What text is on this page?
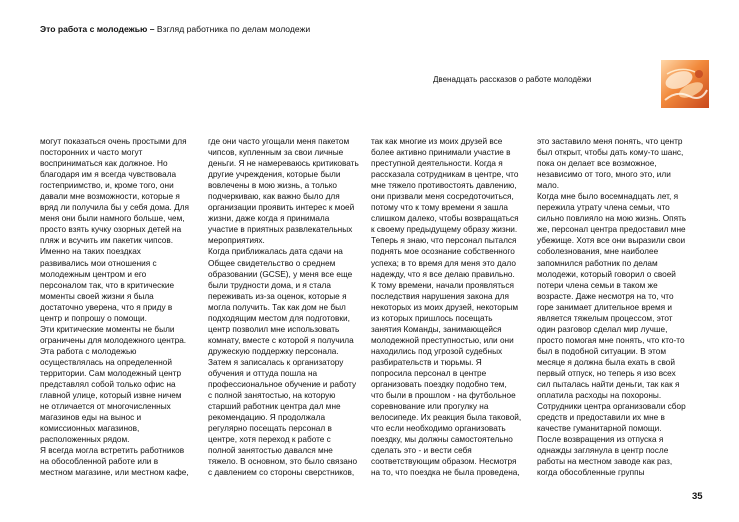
Это работа с молодежью – Взгляд работника по делам молодежи
Двенадцать рассказов о работе молодёжи

могут показаться очень простыми для

посторонних и часто могут

восприниматься как должное. Но

благодаря им я всегда чувствовала

гостеприимство, и, кроме того, они

давали мне возможности, которые я

вряд ли получила бы у себя дома. Для

меня они были намного больше, чем,

просто взять кучку озорных детей на

пляж и всучить им пакетик чипсов.

Именно на таких поездках

развивались мои отношения с

молодежным центром и его

персоналом так, что в критические

моменты своей жизни я была

достаточно уверена, что я приду в

центр и попрошу о помощи.

Эти критические моменты не были

ограничены для молодежного центра.

Эта работа с молодежью

осуществлялась на определенной

территории. Сам молодежный центр

представлял собой только офис на

главной улице, который извне ничем

не отличается от многочисленных

магазинов еды на вынос и

комиссионных магазинов,

расположенных рядом.

Я всегда могла встретить работников

на обособленной работе или в

местном магазине, или местном кафе,

где они часто угощали меня пакетом

чипсов, купленным за свои личные

деньги. Я не намереваюсь критиковать

другие учреждения, которые были

вовлечены в мою жизнь, а только

подчеркиваю, как важно было для

организации проявить интерес к моей

жизни, даже когда я принимала

участие в приятных развлекательных

мероприятиях.

Когда приближалась дата сдачи на

Общее свидетельство о среднем

образовании (GCSE), у меня все еще

были трудности дома, и я стала

переживать из-за оценок, которые я

могла получить. Так как дом не был

подходящим местом для подготовки,

центр позволил мне использовать

комнату, вместе с которой я получила

дружескую поддержку персонала.

Затем я записалась к организатору

обучения и оттуда пошла на

профессиональное обучение и работу

с полной занятостью, на которую

старший работник центра дал мне

рекомендацию. Я продолжала

регулярно посещать персонал в

центре, хотя переход к работе с

полной занятостью давался мне

тяжело. В основном, это было связано

с давлением со стороны сверстников,

так как многие из моих друзей все

более активно принимали участие в

преступной деятельности. Когда я

рассказала сотрудникам в центре, что

мне тяжело противостоять давлению,

они призвали меня сосредоточиться,

потому что к тому времени я зашла

слишком далеко, чтобы возвращаться

к своему предыдущему образу жизни.

Теперь я знаю, что персонал пытался

поднять мое осознание собственного

успеха; в то время для меня это дало

надежду, что я все делаю правильно.

К тому времени, начали проявляться

последствия нарушения закона для

некоторых из моих друзей, некоторым

из которых пришлось посещать

занятия Команды, занимающейся

молодежной преступностью, или они

находились под угрозой судебных

разбирательств и тюрьмы. Я

попросила персонал в центре

организовать поездку подобно тем,

что были в прошлом - на футбольное

соревнование или прогулку на

велосипеде. Их реакция была таковой,

что если необходимо организовать

поездку, мы должны самостоятельно

сделать это - и вести себя

соответствующим образом. Несмотря

на то, что поездка не была проведена,

это заставило меня понять, что центр

был открыт, чтобы дать кому-то шанс,

пока он делает все возможное,

независимо от того, много это, или

мало.

Когда мне было восемнадцать лет, я

пережила утрату члена семьи, что

сильно повлияло на мою жизнь. Опять

же, персонал центра предоставил мне

убежище. Хотя все они выразили свои

соболезнования, мне наиболее

запомнился работник по делам

молодежи, который говорил о своей

потери члена семьи в таком же

возрасте. Даже несмотря на то, что

горе занимает длительное время и

является тяжелым процессом, этот

один разговор сделал мир лучше,

просто помогая мне понять, что кто-то

был в подобной ситуации. В этом

месяце я должна была ехать в свой

первый отпуск, но теперь я изо всех

сил пыталась найти деньги, так как я

оплатила расходы на похороны.

Сотрудники центра организовали сбор

средств и предоставили их мне в

качестве гуманитарной помощи.

После возвращения из отпуска я

однажды заглянула в центр после

работы на местном заводе как раз,

когда обособленные группы

35
